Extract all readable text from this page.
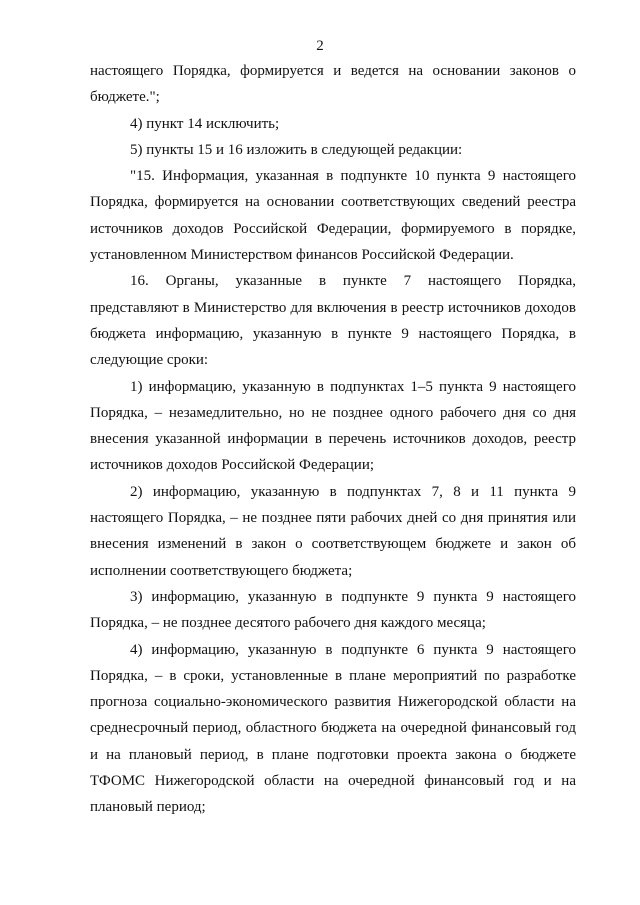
2

настоящего Порядка, формируется и ведется на основании законов о бюджете.";

4) пункт 14 исключить;

5) пункты 15 и 16 изложить в следующей редакции:

"15. Информация, указанная в подпункте 10 пункта 9 настоящего Порядка, формируется на основании соответствующих сведений реестра источников доходов Российской Федерации, формируемого в порядке, установленном Министерством финансов Российской Федерации.

16. Органы, указанные в пункте 7 настоящего Порядка, представляют в Министерство для включения в реестр источников доходов бюджета информацию, указанную в пункте 9 настоящего Порядка, в следующие сроки:

1) информацию, указанную в подпунктах 1–5 пункта 9 настоящего Порядка, – незамедлительно, но не позднее одного рабочего дня со дня внесения указанной информации в перечень источников доходов, реестр источников доходов Российской Федерации;

2) информацию, указанную в подпунктах 7, 8 и 11 пункта 9 настоящего Порядка, – не позднее пяти рабочих дней со дня принятия или внесения изменений в закон о соответствующем бюджете и закон об исполнении соответствующего бюджета;

3) информацию, указанную в подпункте 9 пункта 9 настоящего Порядка, – не позднее десятого рабочего дня каждого месяца;

4) информацию, указанную в подпункте 6 пункта 9 настоящего Порядка, – в сроки, установленные в плане мероприятий по разработке прогноза социально-экономического развития Нижегородской области на среднесрочный период, областного бюджета на очередной финансовый год и на плановый период, в плане подготовки проекта закона о бюджете ТФОМС Нижегородской области на очередной финансовый год и на плановый период;
